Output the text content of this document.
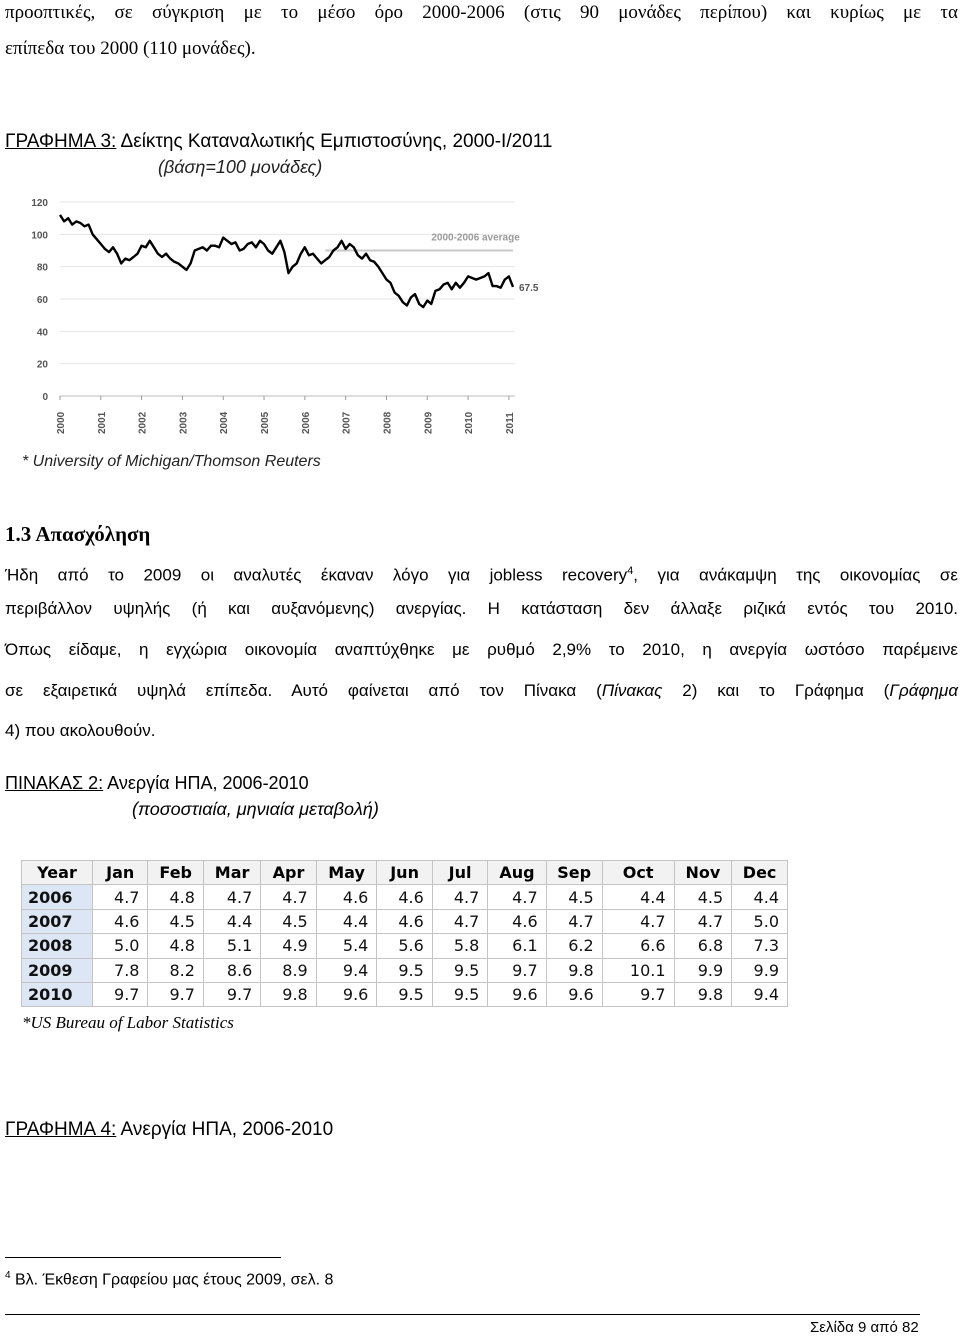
προοπτικές, σε σύγκριση με το μέσο όρο 2000-2006 (στις 90 μονάδες περίπου) και κυρίως με τα
επίπεδα του 2000 (110 μονάδες).
ΓΡΑΦΗΜΑ 3: Δείκτης Καταναλωτικής Εμπιστοσύνης, 2000-I/2011
(βάση=100 μονάδες)
120
100
80
60
40
20
0
2000	2001	2002	2003	2004	2005	2006	2007	2008	2009	2010	2011
2000-2006 average
67.5
* University of Michigan/Thomson Reuters
1.3 Απασχόληση
Ήδη από το 2009 οι αναλυτές έκαναν λόγο για jobless recovery$^4$, για ανάκαμψη της οικονομίας σε
περιβάλλον υψηλής (ή και αυξανόμενης) ανεργίας. Η κατάσταση δεν άλλαξε ριζικά εντός του 2010.
Όπως είδαμε, η εγχώρια οικονομία αναπτύχθηκε με ρυθμό 2,9% το 2010, η ανεργία ωστόσο παρέμεινε
σε εξαιρετικά υψηλά επίπεδα. Αυτό φαίνεται από τον Πίνακα (Πίνακας 2) και το Γράφημα (Γράφημα
4) που ακολουθούν.
ΠΙΝΑΚΑΣ 2: Ανεργία ΗΠΑ, 2006-2010
(ποσοστιαία, μηνιαία μεταβολή)
Year	Jan	Feb	Mar	Apr	May	Jun	Jul	Aug	Sep	Oct	Nov	Dec
2006	4.7	4.8	4.7	4.7	4.6	4.6	4.7	4.7	4.5	4.4	4.5	4.4
2007	4.6	4.5	4.4	4.5	4.4	4.6	4.7	4.6	4.7	4.7	4.7	5.0
2008	5.0	4.8	5.1	4.9	5.4	5.6	5.8	6.1	6.2	6.6	6.8	7.3
2009	7.8	8.2	8.6	8.9	9.4	9.5	9.5	9.7	9.8	10.1	9.9	9.9
2010	9.7	9.7	9.7	9.8	9.6	9.5	9.5	9.6	9.6	9.7	9.8	9.4
*US Bureau of Labor Statistics
ΓΡΑΦΗΜΑ 4: Ανεργία ΗΠΑ, 2006-2010
$^4$ Βλ. Έκθεση Γραφείου μας έτους 2009, σελ. 8
Σελίδα 9 από 82
